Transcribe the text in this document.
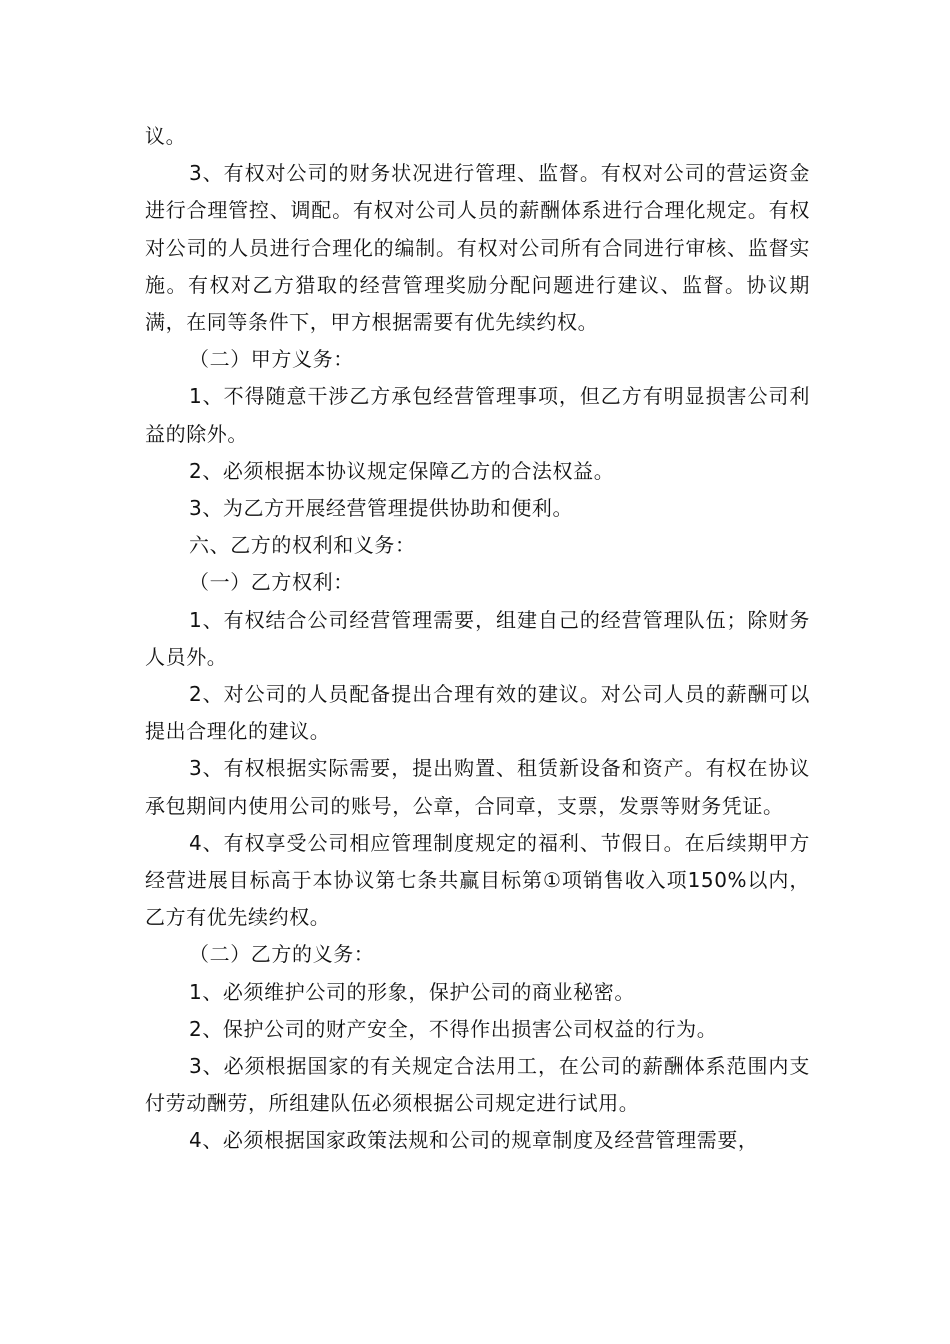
议。

3、有权对公司的财务状况进行管理、监督。有权对公司的营运资金进行合理管控、调配。有权对公司人员的薪酬体系进行合理化规定。有权对公司的人员进行合理化的编制。有权对公司所有合同进行审核、监督实施。有权对乙方猎取的经营管理奖励分配问题进行建议、监督。协议期满，在同等条件下，甲方根据需要有优先续约权。

（二）甲方义务：

1、不得随意干涉乙方承包经营管理事项，但乙方有明显损害公司利益的除外。

2、必须根据本协议规定保障乙方的合法权益。

3、为乙方开展经营管理提供协助和便利。

六、乙方的权利和义务：

（一）乙方权利：

1、有权结合公司经营管理需要，组建自己的经营管理队伍；除财务人员外。

2、对公司的人员配备提出合理有效的建议。对公司人员的薪酬可以提出合理化的建议。

3、有权根据实际需要，提出购置、租赁新设备和资产。有权在协议承包期间内使用公司的账号，公章，合同章，支票，发票等财务凭证。

4、有权享受公司相应管理制度规定的福利、节假日。在后续期甲方经营进展目标高于本协议第七条共赢目标第①项销售收入项150%以内，乙方有优先续约权。

（二）乙方的义务：

1、必须维护公司的形象，保护公司的商业秘密。

2、保护公司的财产安全，不得作出损害公司权益的行为。

3、必须根据国家的有关规定合法用工，在公司的薪酬体系范围内支付劳动酬劳，所组建队伍必须根据公司规定进行试用。

4、必须根据国家政策法规和公司的规章制度及经营管理需要，
